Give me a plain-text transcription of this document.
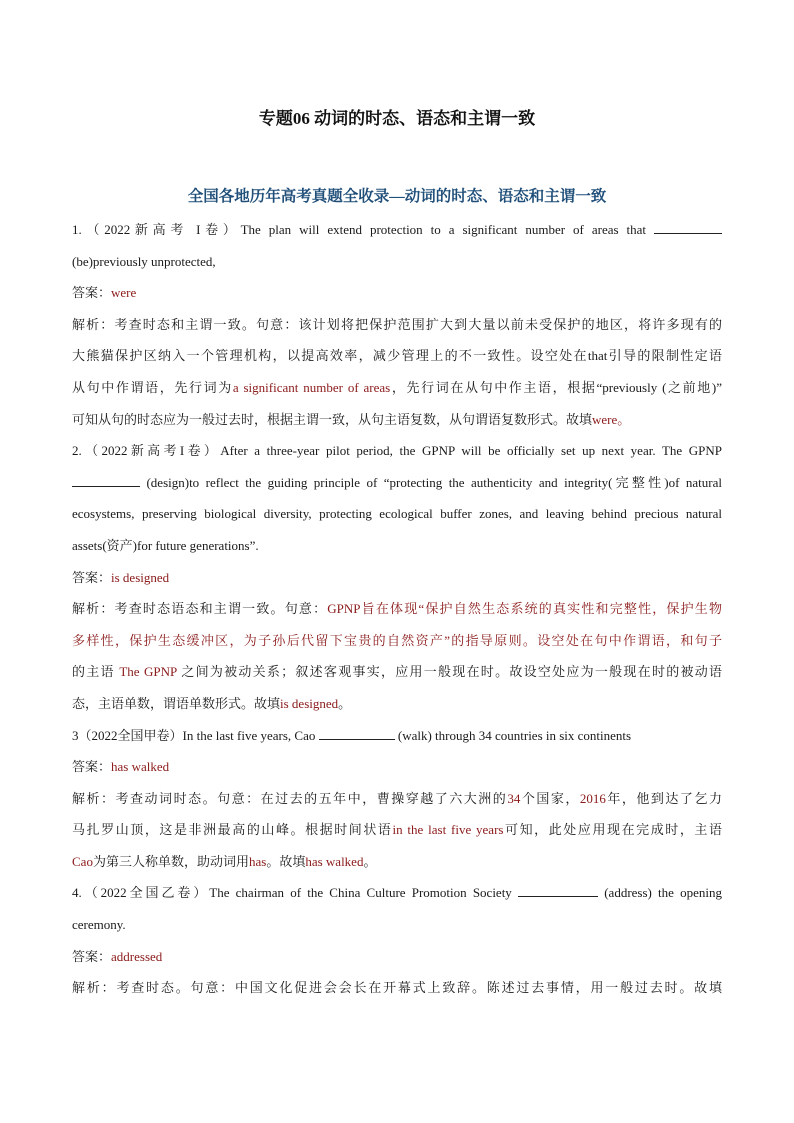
专题06 动词的时态、语态和主谓一致
全国各地历年高考真题全收录—动词的时态、语态和主谓一致
1.（2022新高考 I卷）The plan will extend protection to a significant number of areas that
(be)previously unprotected,
答案：were
解析：考查时态和主谓一致。句意：该计划将把保护范围扩大到大量以前未受保护的地区，将许多现有的
大熊猫保护区纳入一个管理机构，以提高效率，减少管理上的不一致性。设空处在that引导的限制性定语
从句中作谓语，先行词为a significant number of areas，先行词在从句中作主语，根据“previously (之前地)”
可知从句的时态应为一般过去时，根据主谓一致，从句主语复数，从句谓语复数形式。故填were。
2.（2022新高考I卷）After a three-year pilot period, the GPNP will be officially set up next year. The GPNP
(design)to reflect the guiding principle of “protecting the authenticity and integrity(完整性)of natural
ecosystems, preserving biological diversity, protecting ecological buffer zones, and leaving behind precious natural
assets(资产)for future generations”.
答案：is designed
解析：考查时态语态和主谓一致。句意：GPNP旨在体现“保护自然生态系统的真实性和完整性，保护生物
多样性，保护生态缓冲区，为子孙后代留下宝贵的自然资产”的指导原则。设空处在句中作谓语，和句子
的主语 The GPNP 之间为被动关系；叙述客观事实，应用一般现在时。故设空处应为一般现在时的被动语
态，主语单数，谓语单数形式。故填is designed。
3（2022全国甲卷）In the last five years, Cao	(walk) through 34 countries in six continents
答案：has walked
解析：考查动词时态。句意：在过去的五年中，曹操穿越了六大洲的34个国家，2016年，他到达了乞力
马扎罗山顶，这是非洲最高的山峰。根据时间状语in the last five years可知，此处应用现在完成时，主语
Cao为第三人称单数，助动词用has。故填has walked。
4.（2022全国乙卷）The chairman of the China Culture Promotion Society	(address) the opening
ceremony.
答案：addressed
解析：考查时态。句意：中国文化促进会会长在开幕式上致辞。陈述过去事情，用一般过去时。故填
